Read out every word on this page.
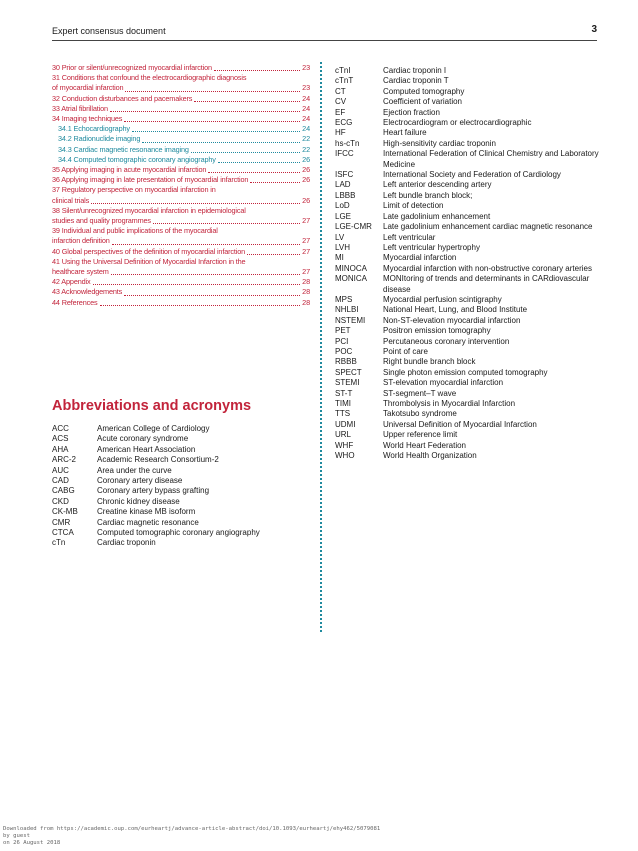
Expert consensus document	3
30 Prior or silent/unrecognized myocardial infarction	23
31 Conditions that confound the electrocardiographic diagnosis
of myocardial infarction	23
32 Conduction disturbances and pacemakers	24
33 Atrial fibrillation	24
34 Imaging techniques	24
34.1 Echocardiography	24
34.2 Radionuclide imaging	22
34.3 Cardiac magnetic resonance imaging	22
34.4 Computed tomographic coronary angiography	26
35 Applying imaging in acute myocardial infarction	26
36 Applying imaging in late presentation of myocardial infarction	26
37 Regulatory perspective on myocardial infarction in
clinical trials	26
38 Silent/unrecognized myocardial infarction in epidemiological
studies and quality programmes	27
39 Individual and public implications of the myocardial
infarction definition	27
40 Global perspectives of the definition of myocardial infarction	27
41 Using the Universal Definition of Myocardial Infarction in the
healthcare system	27
42 Appendix	28
43 Acknowledgements	28
44 References	28
Abbreviations and acronyms
ACC	American College of Cardiology
ACS	Acute coronary syndrome
AHA	American Heart Association
ARC-2	Academic Research Consortium-2
AUC	Area under the curve
CAD	Coronary artery disease
CABG	Coronary artery bypass grafting
CKD	Chronic kidney disease
CK-MB	Creatine kinase MB isoform
CMR	Cardiac magnetic resonance
CTCA	Computed tomographic coronary angiography
cTn	Cardiac troponin
cTnI	Cardiac troponin I
cTnT	Cardiac troponin T
CT	Computed tomography
CV	Coefficient of variation
EF	Ejection fraction
ECG	Electrocardiogram or electrocardiographic
HF	Heart failure
hs-cTn	High-sensitivity cardiac troponin
IFCC	International Federation of Clinical Chemistry and Laboratory Medicine
ISFC	International Society and Federation of Cardiology
LAD	Left anterior descending artery
LBBB	Left bundle branch block;
LoD	Limit of detection
LGE	Late gadolinium enhancement
LGE-CMR	Late gadolinium enhancement cardiac magnetic resonance
LV	Left ventricular
LVH	Left ventricular hypertrophy
MI	Myocardial infarction
MINOCA	Myocardial infarction with non-obstructive coronary arteries
MONICA	MONItoring of trends and determinants in CARdiovascular disease
MPS	Myocardial perfusion scintigraphy
NHLBI	National Heart, Lung, and Blood Institute
NSTEMI	Non-ST-elevation myocardial infarction
PET	Positron emission tomography
PCI	Percutaneous coronary intervention
POC	Point of care
RBBB	Right bundle branch block
SPECT	Single photon emission computed tomography
STEMI	ST-elevation myocardial infarction
ST-T	ST-segment–T wave
TIMI	Thrombolysis in Myocardial Infarction
TTS	Takotsubo syndrome
UDMI	Universal Definition of Myocardial Infarction
URL	Upper reference limit
WHF	World Heart Federation
WHO	World Health Organization
Downloaded from https://academic.oup.com/eurheartj/advance-article-abstract/doi/10.1093/eurheartj/ehy462/5079081
by guest
on 26 August 2018
